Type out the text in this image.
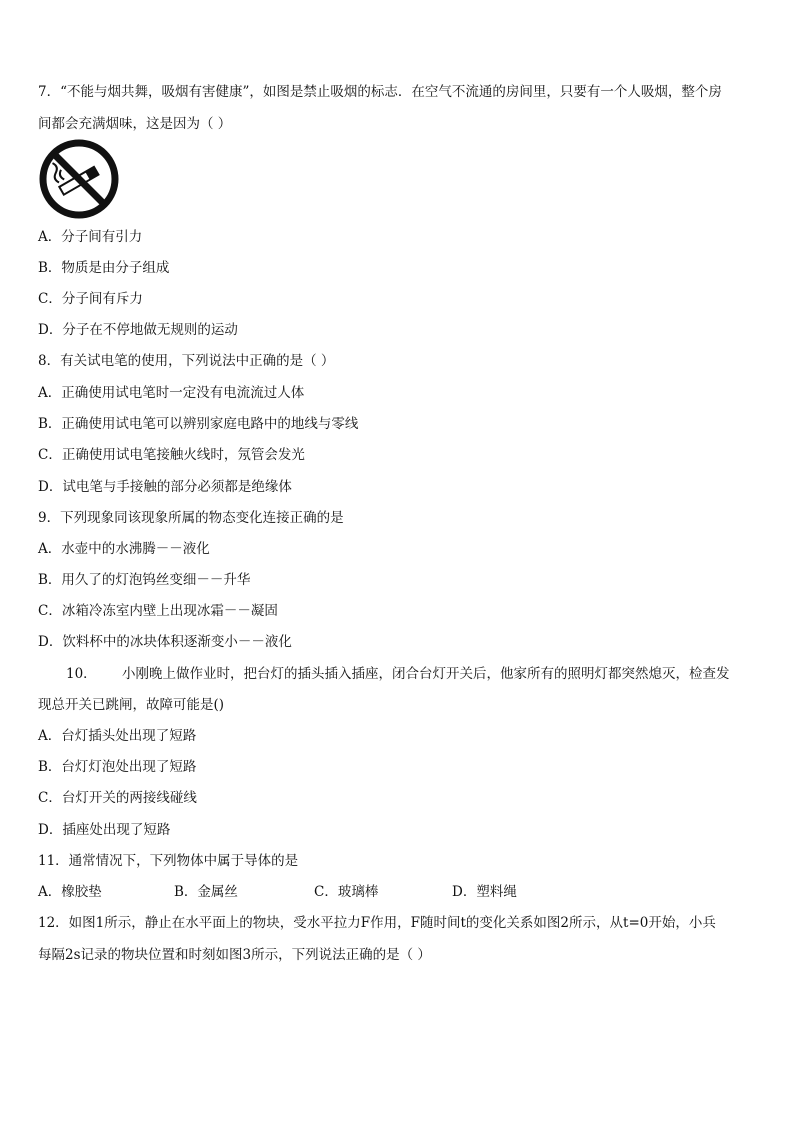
7．“不能与烟共舞，吸烟有害健康”，如图是禁止吸烟的标志．在空气不流通的房间里，只要有一个人吸烟，整个房
间都会充满烟味，这是因为（ ）
A．分子间有引力
B．物质是由分子组成
C．分子间有斥力
D．分子在不停地做无规则的运动
8．有关试电笔的使用，下列说法中正确的是（ ）
A．正确使用试电笔时一定没有电流流过人体
B．正确使用试电笔可以辨别家庭电路中的地线与零线
C．正确使用试电笔接触火线时，氖管会发光
D．试电笔与手接触的部分必须都是绝缘体
9．下列现象同该现象所属的物态变化连接正确的是
A．水壶中的水沸腾－－液化
B．用久了的灯泡钨丝变细－－升华
C．冰箱冷冻室内壁上出现冰霜－－凝固
D．饮料杯中的冰块体积逐渐变小－－液化
10． 小刚晚上做作业时，把台灯的插头插入插座，闭合台灯开关后，他家所有的照明灯都突然熄灭，检查发
现总开关已跳闸，故障可能是()
A．台灯插头处出现了短路
B．台灯灯泡处出现了短路
C．台灯开关的两接线碰线
D．插座处出现了短路
11．通常情况下，下列物体中属于导体的是
A．橡胶垫	B．金属丝	C．玻璃棒	D．塑料绳
12．如图1所示，静止在水平面上的物块，受水平拉力F作用，F随时间t的变化关系如图2所示，从t=0开始，小兵
每隔2s记录的物块位置和时刻如图3所示，下列说法正确的是（ ）
